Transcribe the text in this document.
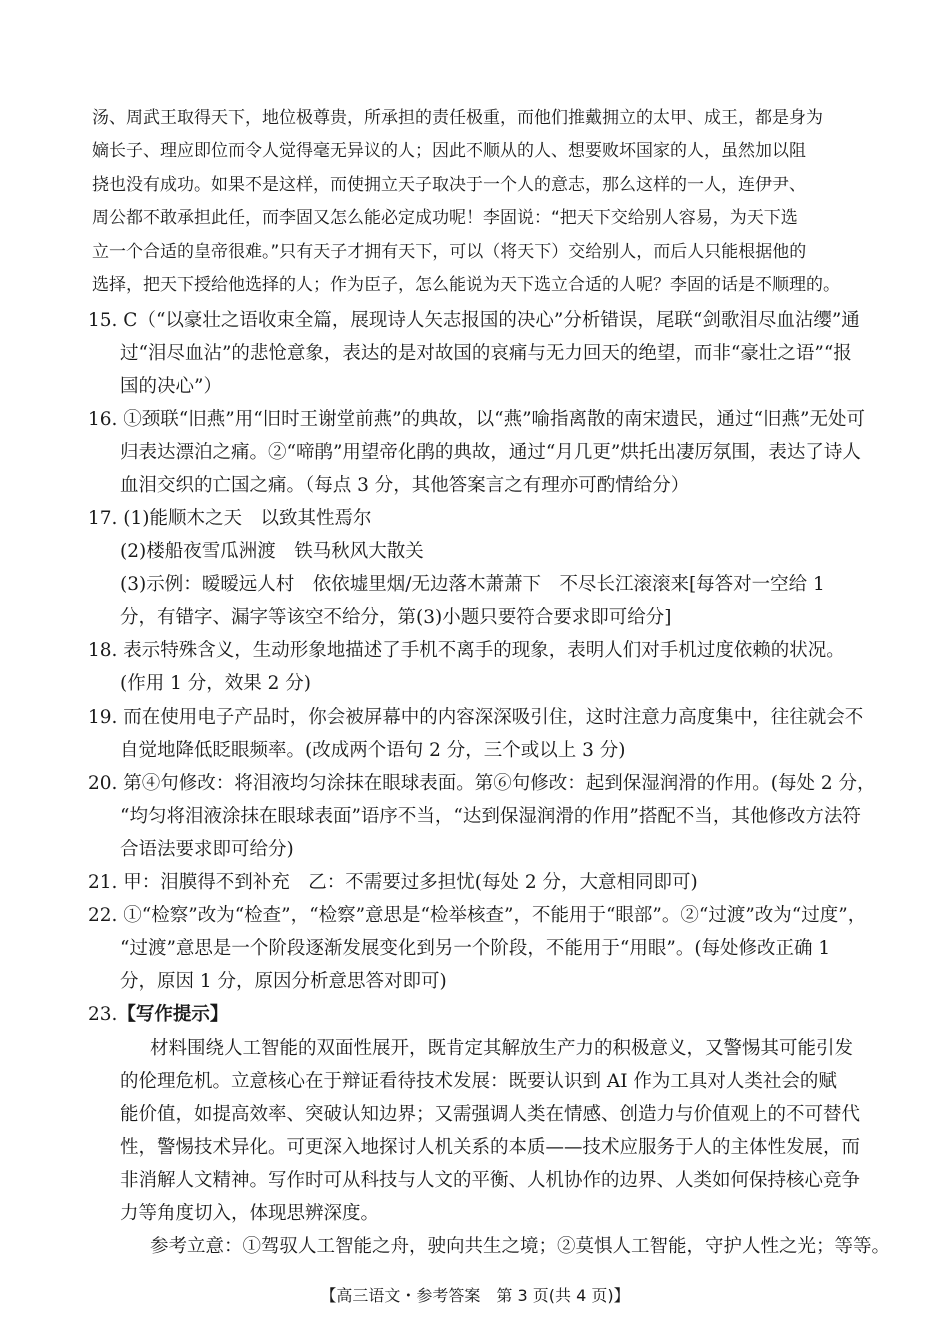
汤、周武王取得天下，地位极尊贵，所承担的责任极重，而他们推戴拥立的太甲、成王，都是身为
嫡长子、理应即位而令人觉得毫无异议的人；因此不顺从的人、想要败坏国家的人，虽然加以阻
挠也没有成功。如果不是这样，而使拥立天子取决于一个人的意志，那么这样的一人，连伊尹、
周公都不敢承担此任，而李固又怎么能必定成功呢！李固说：“把天下交给别人容易，为天下选
立一个合适的皇帝很难。”只有天子才拥有天下，可以（将天下）交给别人，而后人只能根据他的
选择，把天下授给他选择的人；作为臣子，怎么能说为天下选立合适的人呢？李固的话是不顺理的。
15. C（“以豪壮之语收束全篇，展现诗人矢志报国的决心”分析错误，尾联“剑歌泪尽血沾缨”通
过“泪尽血沾”的悲怆意象，表达的是对故国的哀痛与无力回天的绝望，而非“豪壮之语”“报
国的决心”）
16. ①颈联“旧燕”用“旧时王谢堂前燕”的典故，以“燕”喻指离散的南宋遗民，通过“旧燕”无处可
归表达漂泊之痛。②“啼鹃”用望帝化鹃的典故，通过“月几更”烘托出凄厉氛围，表达了诗人
血泪交织的亡国之痛。（每点 3 分，其他答案言之有理亦可酌情给分）
17. (1)能顺木之天　以致其性焉尔
(2)楼船夜雪瓜洲渡　铁马秋风大散关
(3)示例：暧暧远人村　依依墟里烟/无边落木萧萧下　不尽长江滚滚来[每答对一空给 1
分，有错字、漏字等该空不给分，第(3)小题只要符合要求即可给分]
18. 表示特殊含义，生动形象地描述了手机不离手的现象，表明人们对手机过度依赖的状况。
(作用 1 分，效果 2 分)
19. 而在使用电子产品时，你会被屏幕中的内容深深吸引住，这时注意力高度集中，往往就会不
自觉地降低眨眼频率。(改成两个语句 2 分，三个或以上 3 分)
20. 第④句修改：将泪液均匀涂抹在眼球表面。第⑥句修改：起到保湿润滑的作用。(每处 2 分，
“均匀将泪液涂抹在眼球表面”语序不当，“达到保湿润滑的作用”搭配不当，其他修改方法符
合语法要求即可给分)
21. 甲：泪膜得不到补充　乙：不需要过多担忧(每处 2 分，大意相同即可)
22. ①“检察”改为“检查”，“检察”意思是“检举核查”，不能用于“眼部”。②“过渡”改为“过度”，
“过渡”意思是一个阶段逐渐发展变化到另一个阶段，不能用于“用眼”。(每处修改正确 1
分，原因 1 分，原因分析意思答对即可)
23.【写作提示】
材料围绕人工智能的双面性展开，既肯定其解放生产力的积极意义，又警惕其可能引发
的伦理危机。立意核心在于辩证看待技术发展：既要认识到 AI 作为工具对人类社会的赋
能价值，如提高效率、突破认知边界；又需强调人类在情感、创造力与价值观上的不可替代
性，警惕技术异化。可更深入地探讨人机关系的本质——技术应服务于人的主体性发展，而
非消解人文精神。写作时可从科技与人文的平衡、人机协作的边界、人类如何保持核心竞争
力等角度切入，体现思辨深度。
参考立意：①驾驭人工智能之舟，驶向共生之境；②莫惧人工智能，守护人性之光；等等。
【高三语文・参考答案　第 3 页(共 4 页)】
